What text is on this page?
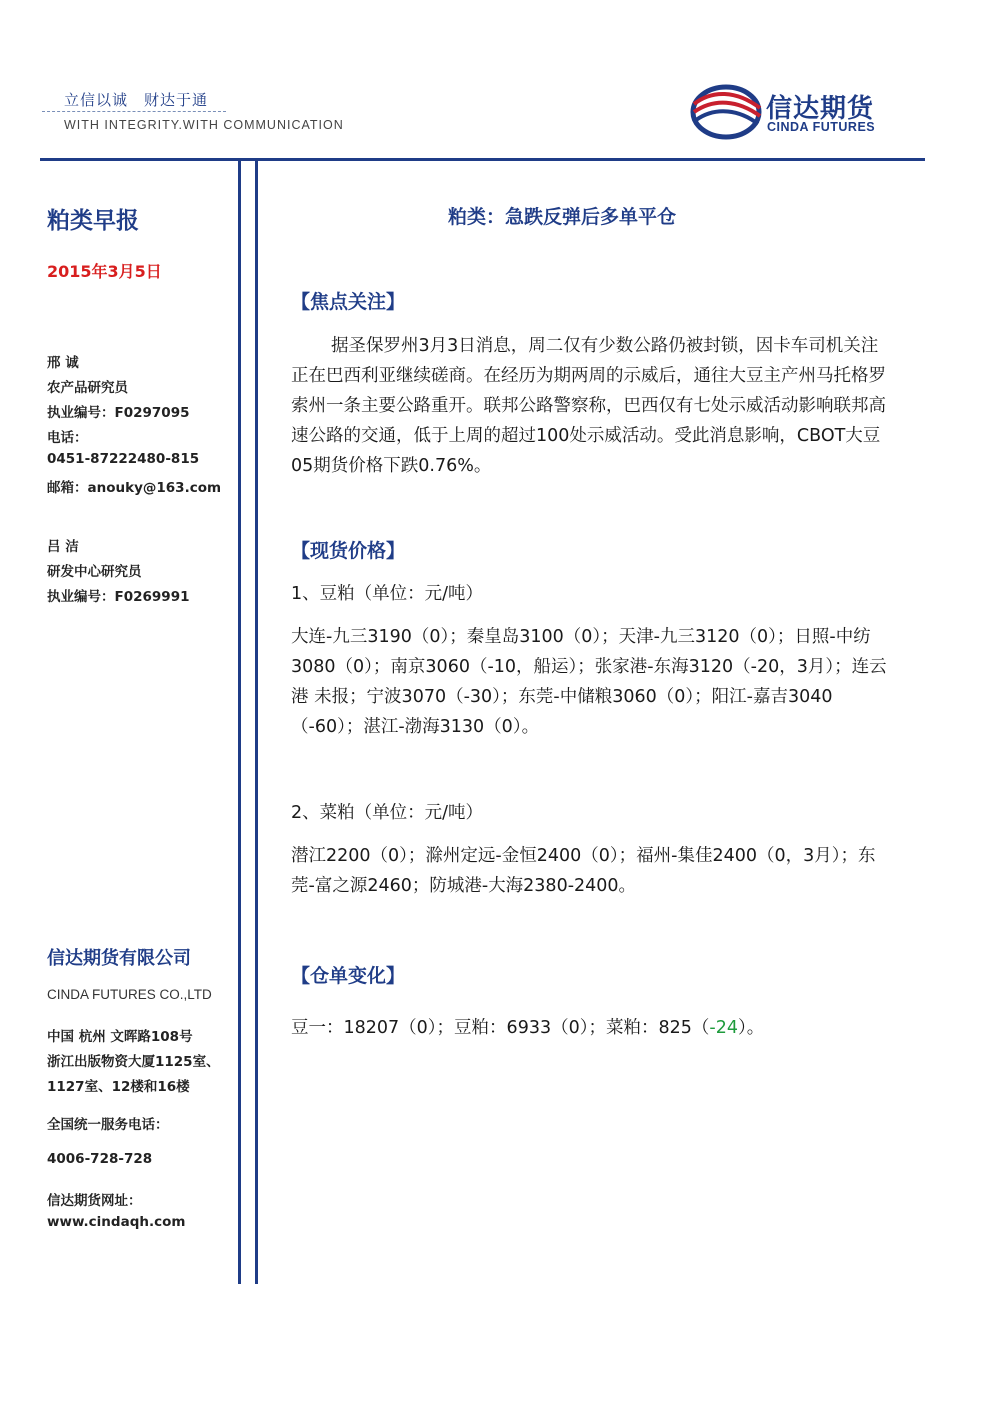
立信以诚　财达于通
WITH INTEGRITY.WITH COMMUNICATION
信达期货
CINDA FUTURES
粕类早报
2015年3月5日
邢 诚
农产品研究员
执业编号：F0297095
电话：
0451-87222480-815
邮箱：anouky@163.com
吕 洁
研发中心研究员
执业编号：F0269991
信达期货有限公司
CINDA FUTURES CO.,LTD
中国 杭州 文晖路108号
浙江出版物资大厦1125室、
1127室、12楼和16楼
全国统一服务电话：
4006-728-728
信达期货网址：
www.cindaqh.com
粕类：急跌反弹后多单平仓
【焦点关注】
据圣保罗州3月3日消息，周二仅有少数公路仍被封锁，因卡车司机关注正在巴西利亚继续磋商。在经历为期两周的示威后，通往大豆主产州马托格罗索州一条主要公路重开。联邦公路警察称，巴西仅有七处示威活动影响联邦高速公路的交通，低于上周的超过100处示威活动。受此消息影响，CBOT大豆05期货价格下跌0.76%。
【现货价格】
1、豆粕（单位：元/吨）
大连-九三3190（0）；秦皇岛3100（0）；天津-九三3120（0）；日照-中纺3080（0）；南京3060（-10，船运）；张家港-东海3120（-20，3月）；连云港 未报；宁波3070（-30）；东莞-中储粮3060（0）；阳江-嘉吉3040（-60）；湛江-渤海3130（0）。
2、菜粕（单位：元/吨）
潜江2200（0）；滁州定远-金恒2400（0）；福州-集佳2400（0，3月）；东莞-富之源2460；防城港-大海2380-2400。
【仓单变化】
豆一：18207（0）；豆粕：6933（0）；菜粕：825（-24）。
